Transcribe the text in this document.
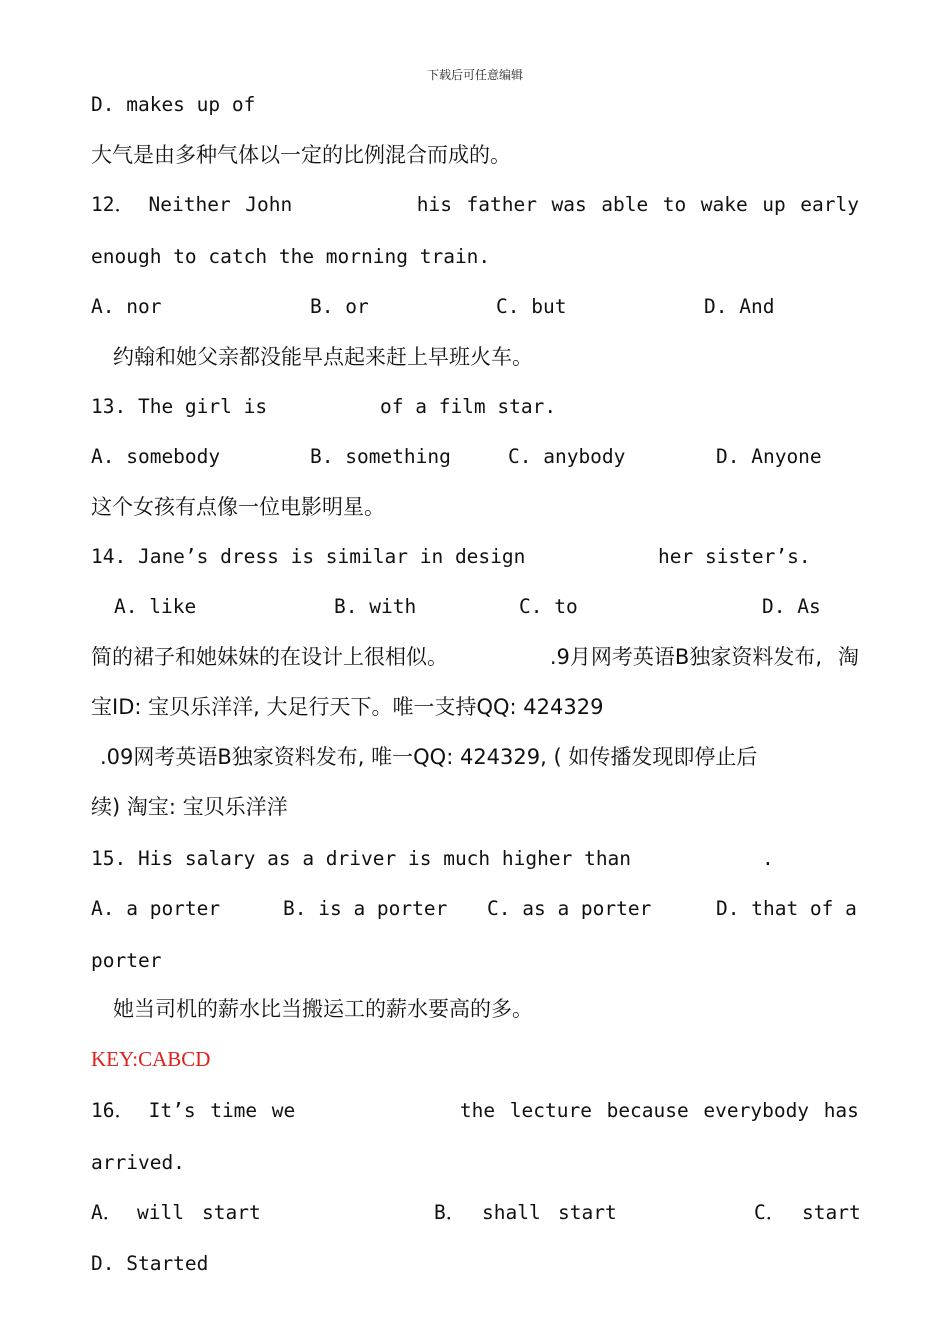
下载后可任意编辑
D. makes up of
大气是由多种气体以一定的比例混合而成的。
12． Neither John	his father was able to wake up early
enough to catch the morning train.
A. nor	B. or	C. but	D. And
约翰和她父亲都没能早点起来赶上早班火车。
13. The girl is	of a film star.
A. somebody	B. something	C. anybody	D. Anyone
这个女孩有点像一位电影明星。
14. Jane’s dress is similar in design	her sister’s.
A. like	B. with	C. to	D. As
简的裙子和她妹妹的在设计上很相似。	.9月网考英语B独家资料发布, 淘
宝ID: 宝贝乐洋洋, 大足行天下。唯一支持QQ: 424329
.09网考英语B独家资料发布, 唯一QQ: 424329, ( 如传播发现即停止后
续) 淘宝: 宝贝乐洋洋
15. His salary as a driver is much higher than	.
A. a porter	B. is a porter C. as a porter	D. that of a
porter
她当司机的薪水比当搬运工的薪水要高的多。
KEY:CABCD
16． It’s time we	the lecture because everybody has
arrived.
A． will start	B． shall start	C． start
D. Started
